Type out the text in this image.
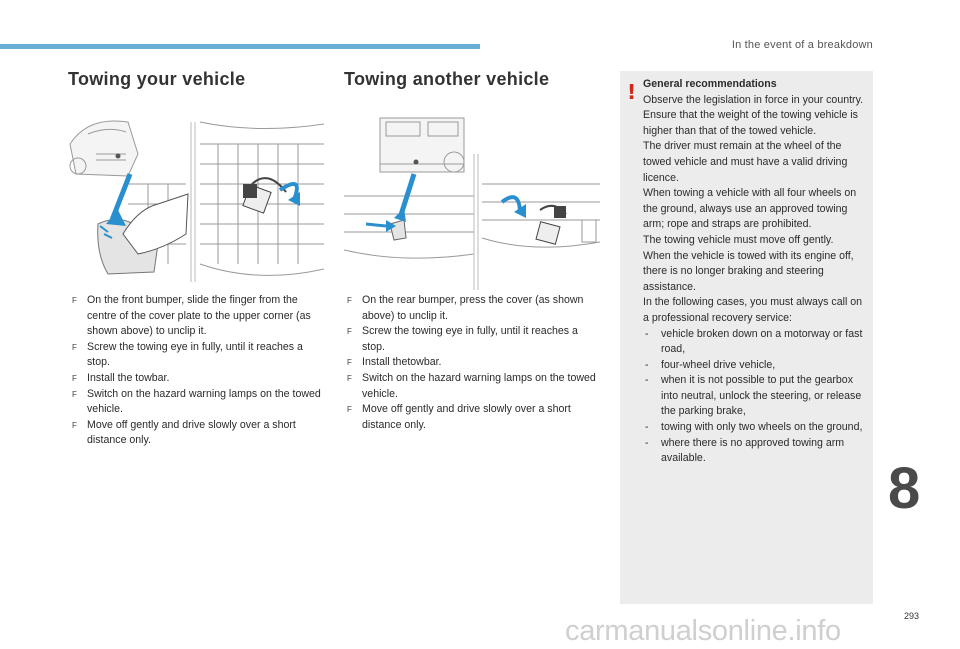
In the event of a breakdown
Towing your vehicle	Towing another vehicle
F On the front bumper, slide the finger from the centre of the cover plate to the upper corner (as shown above) to unclip it.
F Screw the towing eye in fully, until it reaches a stop.
F Install the towbar.
F Switch on the hazard warning lamps on the towed vehicle.
F Move off gently and drive slowly over a short distance only.
F On the rear bumper, press the cover (as shown above) to unclip it.
F Screw the towing eye in fully, until it reaches a stop.
F Install thetowbar.
F Switch on the hazard warning lamps on the towed vehicle.
F Move off gently and drive slowly over a short distance only.
! General recommendations

Observe the legislation in force in your country.

Ensure that the weight of the towing vehicle is higher than that of the towed vehicle.

The driver must remain at the wheel of the towed vehicle and must have a valid driving licence.

When towing a vehicle with all four wheels on the ground, always use an approved towing arm; rope and straps are prohibited.

The towing vehicle must move off gently.

When the vehicle is towed with its engine off, there is no longer braking and steering assistance.

In the following cases, you must always call on a professional recovery service:

- vehicle broken down on a motorway or fast road,
- four-wheel drive vehicle,
- when it is not possible to put the gearbox into neutral, unlock the steering, or release the parking brake,
- towing with only two wheels on the ground,
- where there is no approved towing arm available.	8
293
carmanualsonline.info
